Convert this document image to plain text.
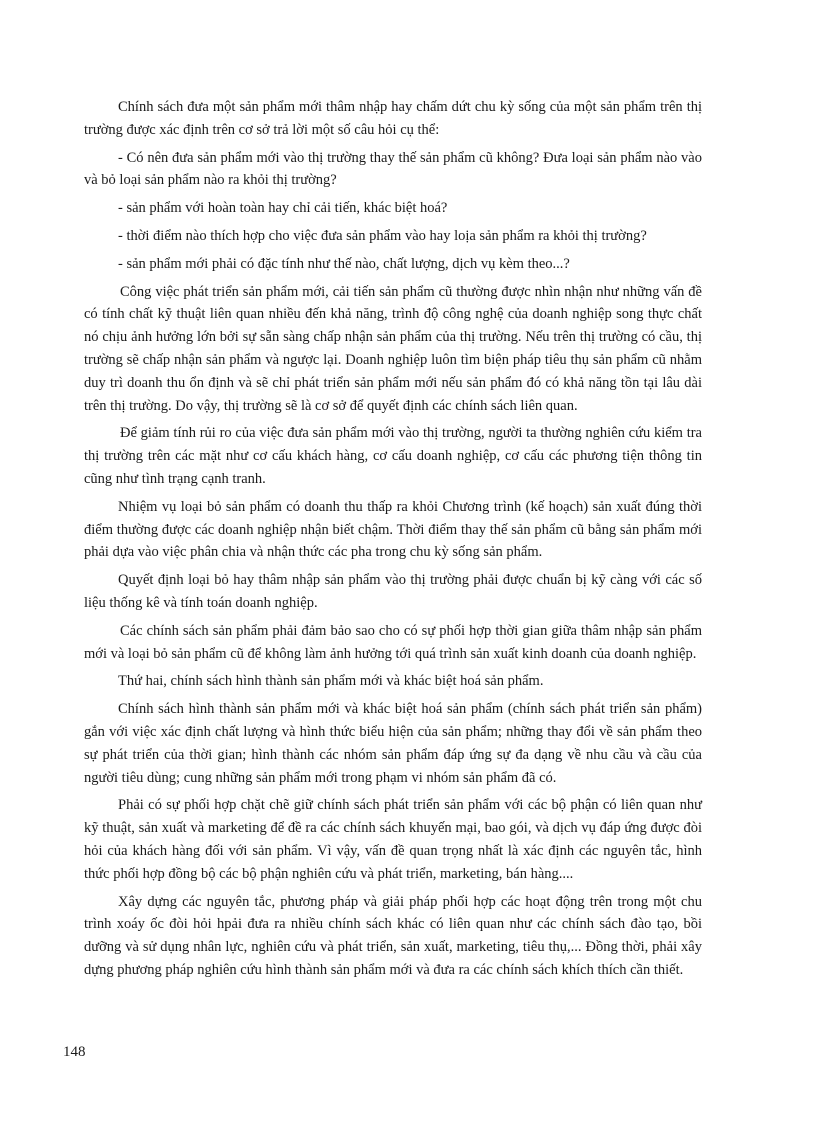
Chính sách đưa một sản phẩm mới thâm nhập hay chấm dứt chu kỳ sống của một sản phẩm trên thị trường được xác định trên cơ sở trả lời một số câu hỏi cụ thể:

- Có nên đưa sản phẩm mới vào thị trường thay thế sản phẩm cũ không? Đưa loại sản phẩm nào vào và bỏ loại sản phẩm nào ra khỏi thị trường?

- sản phẩm với hoàn toàn hay chỉ cải tiến, khác biệt hoá?

- thời điểm nào thích hợp cho việc đưa sản phẩm vào hay loịa sản phẩm ra khỏi thị trường?

- sản phẩm mới phải có đặc tính như thế nào, chất lượng, dịch vụ kèm theo...?

Công việc phát triển sản phẩm mới, cải tiến sản phẩm cũ thường được nhìn nhận như những vấn đề có tính chất kỹ thuật liên quan nhiều đến khả năng, trình độ công nghệ của doanh nghiệp song thực chất nó chịu ảnh hưởng lớn bởi sự sẵn sàng chấp nhận sản phẩm của thị trường. Nếu trên thị trường có cầu, thị trường sẽ chấp nhận sản phẩm và ngược lại. Doanh nghiệp luôn tìm biện pháp tiêu thụ sản phẩm cũ nhằm duy trì doanh thu ổn định và sẽ chỉ phát triển sản phẩm mới nếu sản phẩm đó có khả năng tồn tại lâu dài trên thị trường. Do vậy, thị trường sẽ là cơ sở để quyết định các chính sách liên quan.

Để giảm tính rủi ro của việc đưa sản phẩm mới vào thị trường, người ta thường nghiên cứu kiểm tra thị trường trên các mặt như cơ cấu khách hàng, cơ cấu doanh nghiệp, cơ cấu các phương tiện thông tin cũng như tình trạng cạnh tranh.

Nhiệm vụ loại bỏ sản phẩm có doanh thu thấp ra khỏi Chương trình (kế hoạch) sản xuất đúng thời điểm thường được các doanh nghiệp nhận biết chậm. Thời điểm thay thế sản phẩm cũ bằng sản phẩm mới phải dựa vào việc phân chia và nhận thức các pha trong chu kỳ sống sản phẩm.

Quyết định loại bỏ hay thâm nhập sản phẩm vào thị trường phải được chuẩn bị kỹ càng với các số liệu thống kê và tính toán doanh nghiệp.

Các chính sách sản phẩm phải đảm bảo sao cho có sự phối hợp thời gian giữa thâm nhập sản phẩm mới và loại bỏ sản phẩm cũ để không làm ảnh hưởng tới quá trình sản xuất kinh doanh của doanh nghiệp.

Thứ hai, chính sách hình thành sản phẩm mới và khác biệt hoá sản phẩm.

Chính sách hình thành sản phẩm mới và khác biệt hoá sản phẩm (chính sách phát triển sản phẩm) gắn với việc xác định chất lượng và hình thức biểu hiện của sản phẩm; những thay đổi về sản phẩm theo sự phát triển của thời gian; hình thành các nhóm sản phẩm đáp ứng sự đa dạng về nhu cầu và cầu của người tiêu dùng; cung những sản phẩm mới trong phạm vi nhóm sản phẩm đã có.

Phải có sự phối hợp chặt chẽ giữ chính sách phát triển sản phẩm với các bộ phận có liên quan như kỹ thuật, sản xuất và marketing để đề ra các chính sách khuyến mại, bao gói, và dịch vụ đáp ứng được đòi hỏi của khách hàng đối với sản phẩm. Vì vậy, vấn đề quan trọng nhất là xác định các nguyên tắc, hình thức phối hợp đồng bộ các bộ phận nghiên cứu và phát triển, marketing, bán hàng....

Xây dựng các nguyên tắc, phương pháp và giải pháp phối hợp các hoạt động trên trong một chu trình xoáy ốc đòi hỏi hpải đưa ra nhiều chính sách khác có liên quan như các chính sách đào tạo, bồi dưỡng và sử dụng nhân lực, nghiên cứu và phát triển, sản xuất, marketing, tiêu thụ,... Đồng thời, phải xây dựng phương pháp nghiên cứu hình thành sản phẩm mới và đưa ra các chính sách khích thích cần thiết.

148
